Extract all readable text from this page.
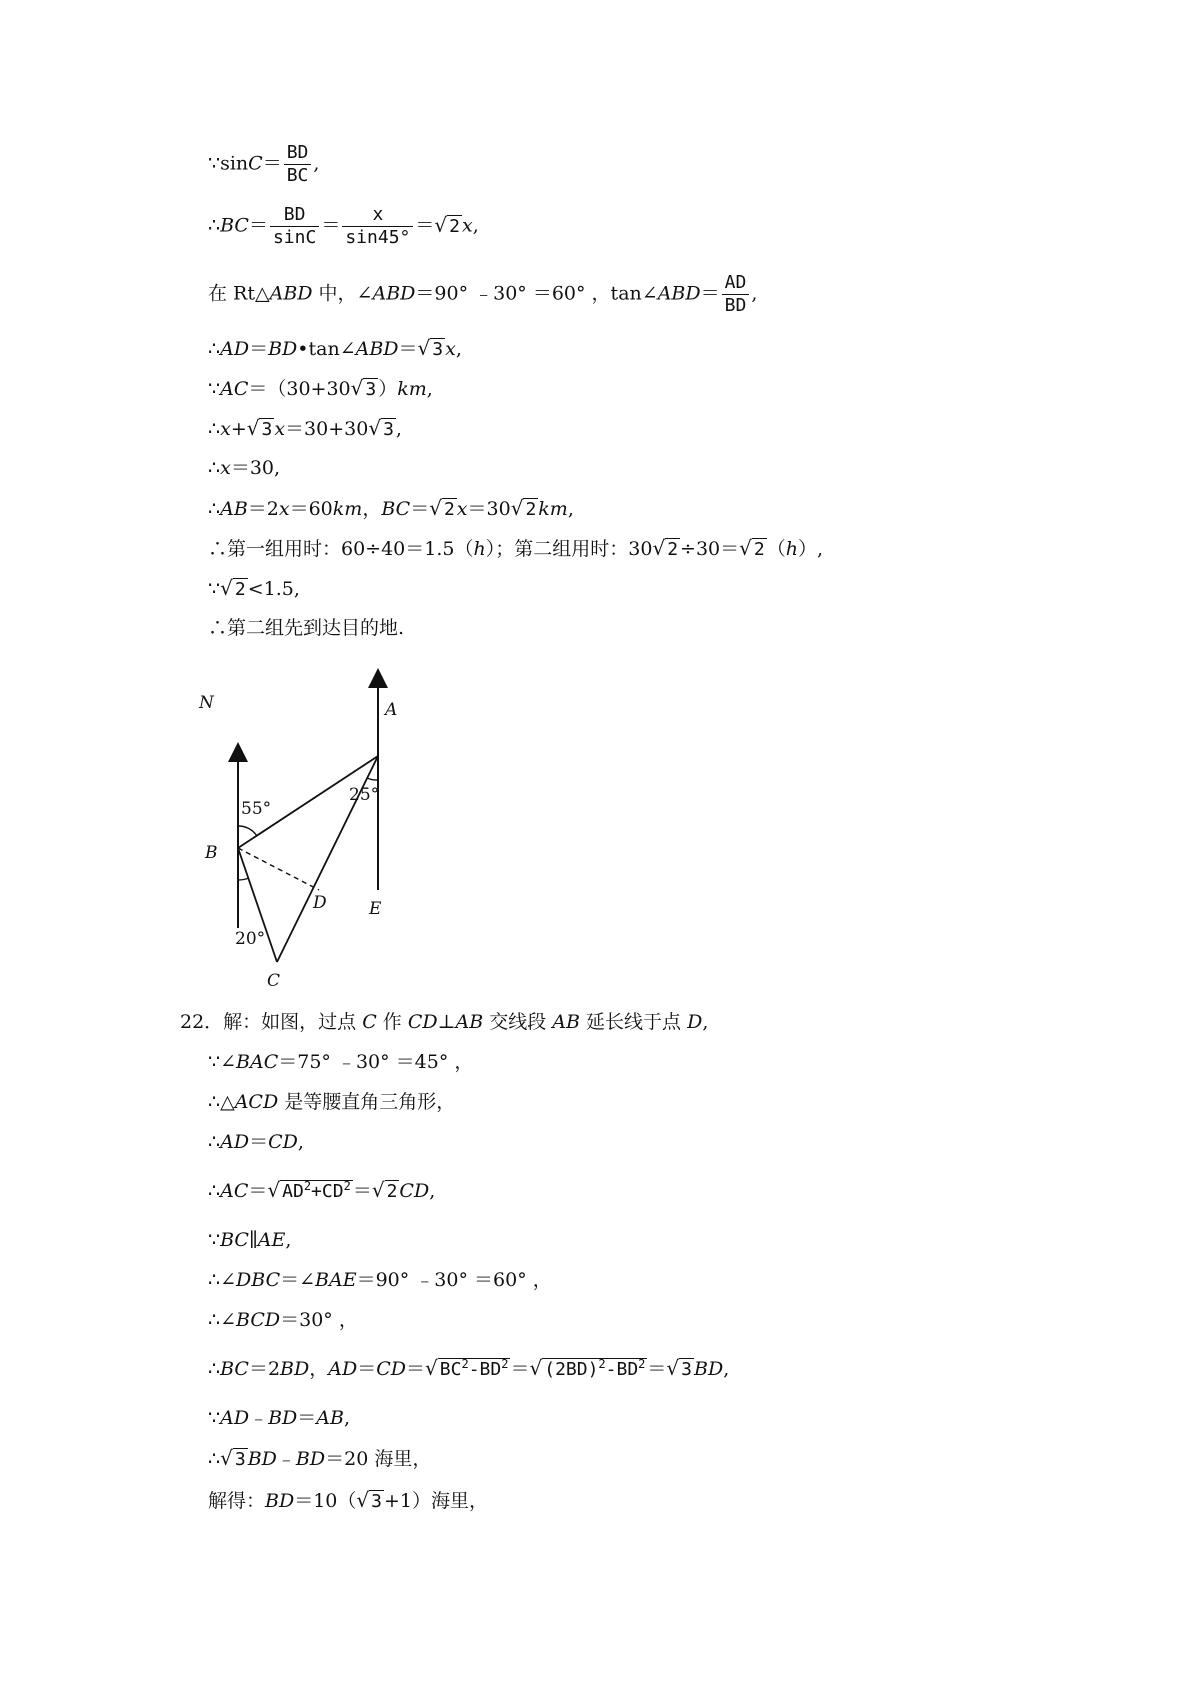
∵sinC＝ $\frac{BD}{BC}$ ,
∴BC＝ $\frac{BD}{\sin C} = \frac{x}{\sin 45^\circ}$ ＝√ 2 x,
在 Rt△ABD 中，∠ABD＝90° ﹣30° ＝60° ，tan∠ABD＝ $\frac{AD}{BD}$ ,
∴AD＝BD•tan∠ABD＝√ 3 x,
∵AC＝（30+30√ 3 ）km,
∴x+√ 3 x＝30+30√ 3 ,
∴x＝30,
∴AB＝2x＝60km，BC＝√ 2 x＝30√ 2 km,
∴第一组用时：60÷40＝1.5（h）；第二组用时：30√ 2 ÷30＝√ 2 （h）,
∵√ 2 <1.5,
∴第二组先到达目的地.
N	A
B
C
D E
55°
25°
20°
22．解：如图，过点 C 作 CD⊥AB 交线段 AB 延长线于点 D,
∵∠BAC＝75° ﹣30° ＝45° ，
∴△ACD 是等腰直角三角形，
∴AD＝CD,
∴AC＝√ $AD^2+CD^2$ ＝√ 2 CD,
∵BC∥AE,
∴∠DBC＝∠BAE＝90° ﹣30° ＝60° ，
∴∠BCD＝30° ，
∴BC＝2BD，AD＝CD＝√ $BC^2-BD^2$ ＝√ $(2BD)^2-BD^2$ ＝√ 3 BD,
∵AD﹣BD＝AB,
∴√ 3 BD﹣BD＝20 海里，
解得：BD＝10（√ 3 +1）海里，
